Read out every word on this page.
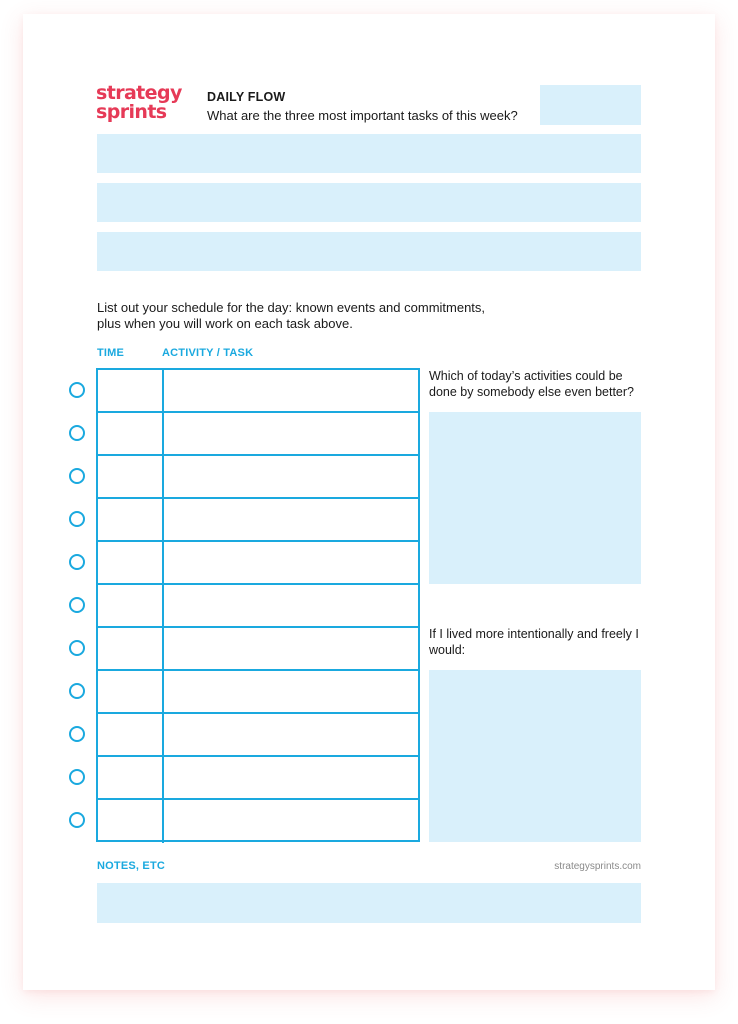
strategy
sprints
DAILY FLOW
What are the three most important tasks of this week?
List out your schedule for the day: known events and commitments,
plus when you will work on each task above.
TIME	ACTIVITY / TASK
Which of today’s activities could be done by somebody else even better?
If I lived more intentionally and freely I would:
NOTES, ETC	strategysprints.com
